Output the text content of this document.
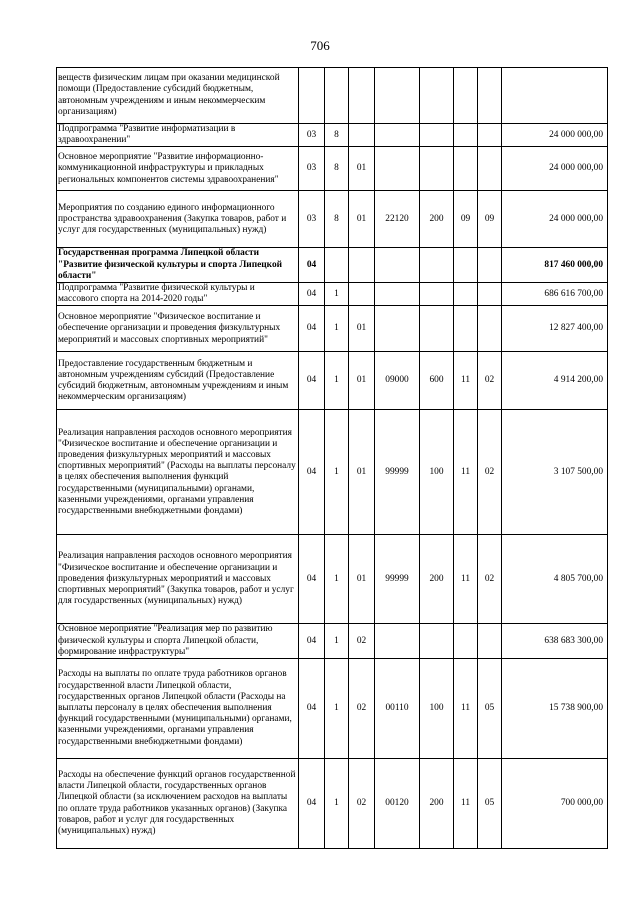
706
веществ физическим лицам при оказании медицинской помощи (Предоставление субсидий бюджетным, автономным учреждениям и иным некоммерческим организациям)								
Подпрограмма "Развитие информатизации в здравоохранении"	03	8						24 000 000,00
Основное мероприятие "Развитие информационно-коммуникационной инфраструктуры и прикладных региональных компонентов системы здравоохранения"	03	8	01					24 000 000,00
Мероприятия по созданию единого информационного пространства здравоохранения (Закупка товаров, работ и услуг для государственных (муниципальных) нужд)	03	8	01	22120	200	09	09	24 000 000,00
Государственная программа Липецкой области "Развитие физической культуры и спорта Липецкой области"	04							817 460 000,00
Подпрограмма "Развитие физической культуры и массового спорта на 2014-2020 годы"	04	1						686 616 700,00
Основное мероприятие "Физическое воспитание и обеспечение организации и проведения физкультурных мероприятий и массовых спортивных мероприятий"	04	1	01					12 827 400,00
Предоставление государственным бюджетным и автономным учреждениям субсидий (Предоставление субсидий бюджетным, автономным учреждениям и иным некоммерческим организациям)	04	1	01	09000	600	11	02	4 914 200,00
Реализация направления расходов основного мероприятия "Физическое воспитание и обеспечение организации и проведения физкультурных мероприятий и массовых спортивных мероприятий" (Расходы на выплаты персоналу в целях обеспечения выполнения функций государственными (муниципальными) органами, казенными учреждениями, органами управления государственными внебюджетными фондами)	04	1	01	99999	100	11	02	3 107 500,00
Реализация направления расходов основного мероприятия "Физическое воспитание и обеспечение организации и проведения физкультурных мероприятий и массовых спортивных мероприятий" (Закупка товаров, работ и услуг для государственных (муниципальных) нужд)	04	1	01	99999	200	11	02	4 805 700,00
Основное мероприятие "Реализация мер по развитию физической культуры и спорта Липецкой области, формирование инфраструктуры"	04	1	02					638 683 300,00
Расходы на выплаты по оплате труда работников органов государственной власти Липецкой области, государственных органов Липецкой области (Расходы на выплаты персоналу в целях обеспечения выполнения функций государственными (муниципальными) органами, казенными учреждениями, органами управления государственными внебюджетными фондами)	04	1	02	00110	100	11	05	15 738 900,00
Расходы на обеспечение функций органов государственной власти Липецкой области, государственных органов Липецкой области (за исключением расходов на выплаты по оплате труда работников указанных органов) (Закупка товаров, работ и услуг для государственных (муниципальных) нужд)	04	1	02	00120	200	11	05	700 000,00
